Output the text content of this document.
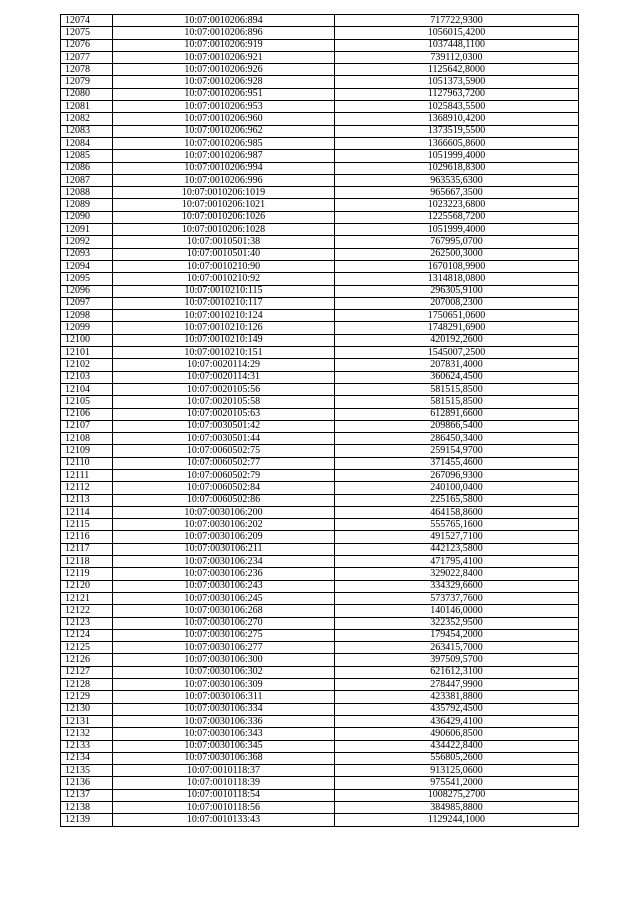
12074	10:07:0010206:894	717722,9300
12075	10:07:0010206:896	1056015,4200
12076	10:07:0010206:919	1037448,1100
12077	10:07:0010206:921	739112,0300
12078	10:07:0010206:926	1125642,8000
12079	10:07:0010206:928	1051373,5900
12080	10:07:0010206:951	1127963,7200
12081	10:07:0010206:953	1025843,5500
12082	10:07:0010206:960	1368910,4200
12083	10:07:0010206:962	1373519,5500
12084	10:07:0010206:985	1366605,8600
12085	10:07:0010206:987	1051999,4000
12086	10:07:0010206:994	1029618,8300
12087	10:07:0010206:996	963535,6300
12088	10:07:0010206:1019	965667,3500
12089	10:07:0010206:1021	1023223,6800
12090	10:07:0010206:1026	1225568,7200
12091	10:07:0010206:1028	1051999,4000
12092	10:07:0010501:38	767995,0700
12093	10:07:0010501:40	262500,3000
12094	10:07:0010210:90	1670108,9900
12095	10:07:0010210:92	1314818,0800
12096	10:07:0010210:115	296305,9100
12097	10:07:0010210:117	207008,2300
12098	10:07:0010210:124	1750651,0600
12099	10:07:0010210:126	1748291,6900
12100	10:07:0010210:149	420192,2600
12101	10:07:0010210:151	1545007,2500
12102	10:07:0020114:29	207831,4000
12103	10:07:0020114:31	360624,4500
12104	10:07:0020105:56	581515,8500
12105	10:07:0020105:58	581515,8500
12106	10:07:0020105:63	612891,6600
12107	10:07:0030501:42	209866,5400
12108	10:07:0030501:44	286450,3400
12109	10:07:0060502:75	259154,9700
12110	10:07:0060502:77	371455,4600
12111	10:07:0060502:79	267096,9300
12112	10:07:0060502:84	240100,0400
12113	10:07:0060502:86	225165,5800
12114	10:07:0030106:200	464158,8600
12115	10:07:0030106:202	555765,1600
12116	10:07:0030106:209	491527,7100
12117	10:07:0030106:211	442123,5800
12118	10:07:0030106:234	471795,4100
12119	10:07:0030106:236	329022,8400
12120	10:07:0030106:243	334329,6600
12121	10:07:0030106:245	573737,7600
12122	10:07:0030106:268	140146,0000
12123	10:07:0030106:270	322352,9500
12124	10:07:0030106:275	179454,2000
12125	10:07:0030106:277	263415,7000
12126	10:07:0030106:300	397509,5700
12127	10:07:0030106:302	621612,3100
12128	10:07:0030106:309	278447,9900
12129	10:07:0030106:311	423381,8800
12130	10:07:0030106:334	435792,4500
12131	10:07:0030106:336	436429,4100
12132	10:07:0030106:343	490606,8500
12133	10:07:0030106:345	434422,8400
12134	10:07:0030106:368	556805,2600
12135	10:07:0010118:37	913125,0600
12136	10:07:0010118:39	975541,2000
12137	10:07:0010118:54	1008275,2700
12138	10:07:0010118:56	384985,8800
12139	10:07:0010133:43	1129244,1000
